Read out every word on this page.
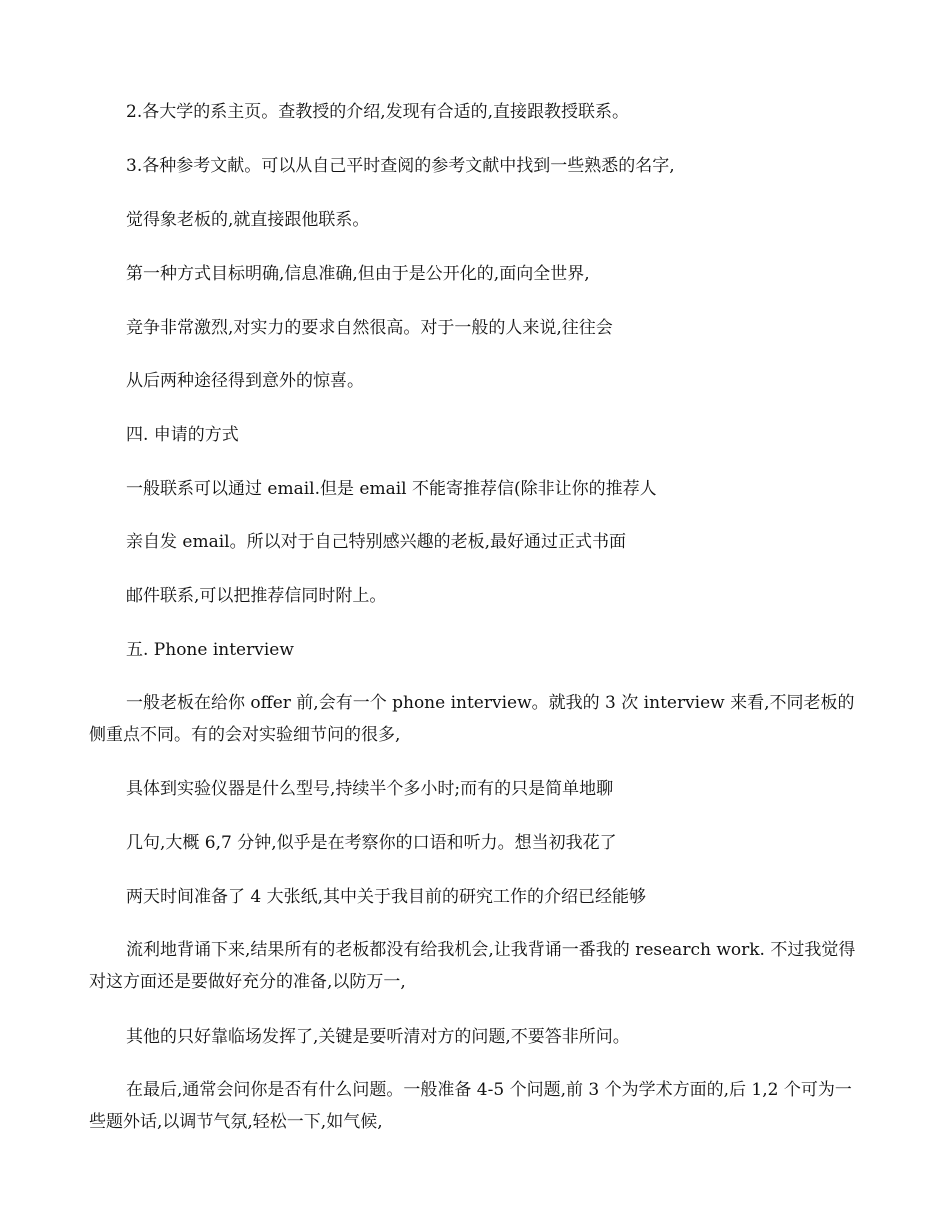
2.各大学的系主页。查教授的介绍,发现有合适的,直接跟教授联系。

3.各种参考文献。可以从自己平时查阅的参考文献中找到一些熟悉的名字,

觉得象老板的,就直接跟他联系。

第一种方式目标明确,信息准确,但由于是公开化的,面向全世界,

竞争非常激烈,对实力的要求自然很高。对于一般的人来说,往往会

从后两种途径得到意外的惊喜。

四. 申请的方式

一般联系可以通过 email.但是 email 不能寄推荐信(除非让你的推荐人

亲自发 email。所以对于自己特别感兴趣的老板,最好通过正式书面

邮件联系,可以把推荐信同时附上。

五. Phone interview

一般老板在给你 offer 前,会有一个 phone interview。就我的 3 次 interview 来看,不同老板的侧重点不同。有的会对实验细节问的很多,

具体到实验仪器是什么型号,持续半个多小时;而有的只是简单地聊

几句,大概 6,7 分钟,似乎是在考察你的口语和听力。想当初我花了

两天时间准备了 4 大张纸,其中关于我目前的研究工作的介绍已经能够

流利地背诵下来,结果所有的老板都没有给我机会,让我背诵一番我的 research work. 不过我觉得对这方面还是要做好充分的准备,以防万一,

其他的只好靠临场发挥了,关键是要听清对方的问题,不要答非所问。

在最后,通常会问你是否有什么问题。一般准备 4-5 个问题,前 3 个为学术方面的,后 1,2 个可为一些题外话,以调节气氛,轻松一下,如气候,
